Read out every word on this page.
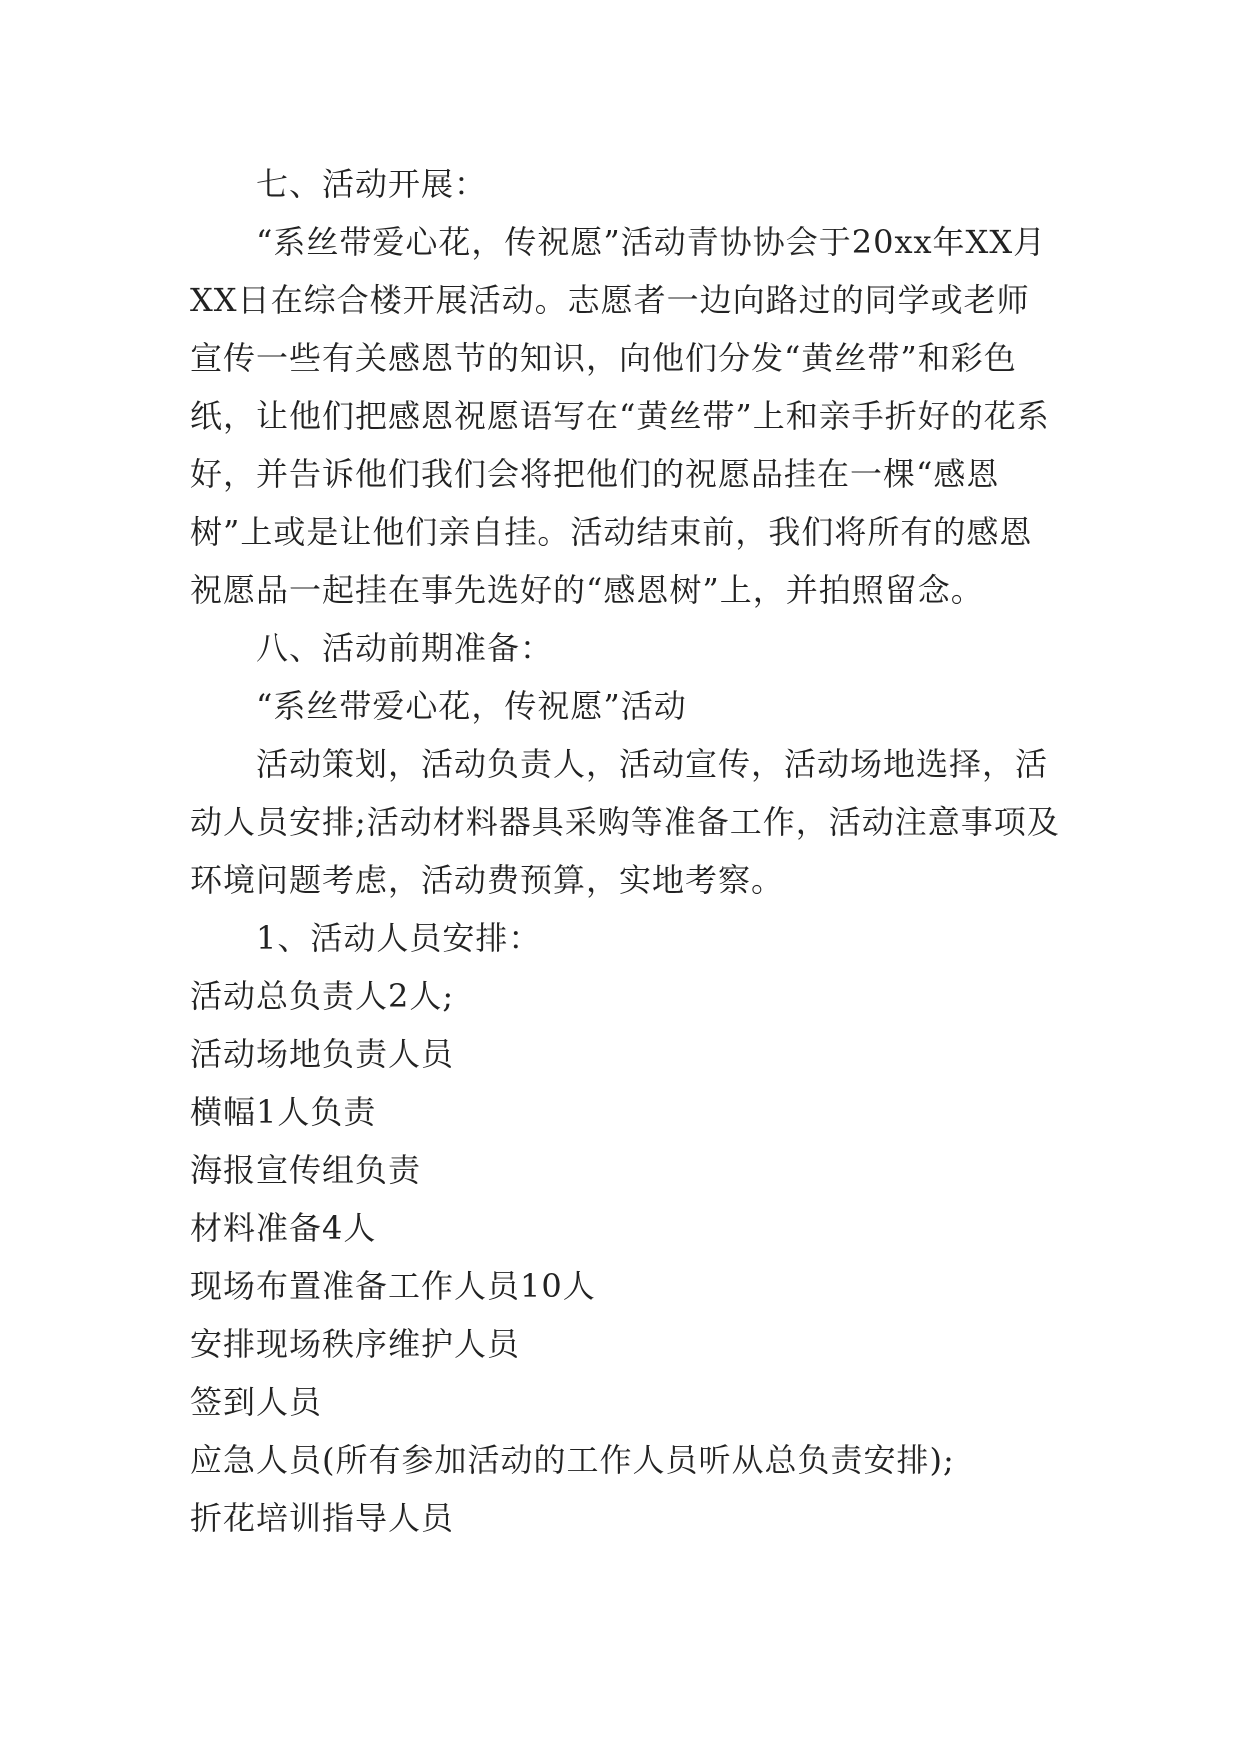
七、活动开展：

“系丝带爱心花，传祝愿”活动青协协会于20xx年XX月XX日在综合楼开展活动。志愿者一边向路过的同学或老师宣传一些有关感恩节的知识，向他们分发“黄丝带”和彩色纸，让他们把感恩祝愿语写在“黄丝带”上和亲手折好的花系好，并告诉他们我们会将把他们的祝愿品挂在一棵“感恩树”上或是让他们亲自挂。活动结束前，我们将所有的感恩祝愿品一起挂在事先选好的“感恩树”上，并拍照留念。

八、活动前期准备：

“系丝带爱心花，传祝愿”活动

活动策划，活动负责人，活动宣传，活动场地选择，活动人员安排;活动材料器具采购等准备工作，活动注意事项及环境问题考虑，活动费预算，实地考察。

1、活动人员安排：

活动总负责人2人;

活动场地负责人员

横幅1人负责

海报宣传组负责

材料准备4人

现场布置准备工作人员10人

安排现场秩序维护人员

签到人员

应急人员(所有参加活动的工作人员听从总负责安排);

折花培训指导人员
